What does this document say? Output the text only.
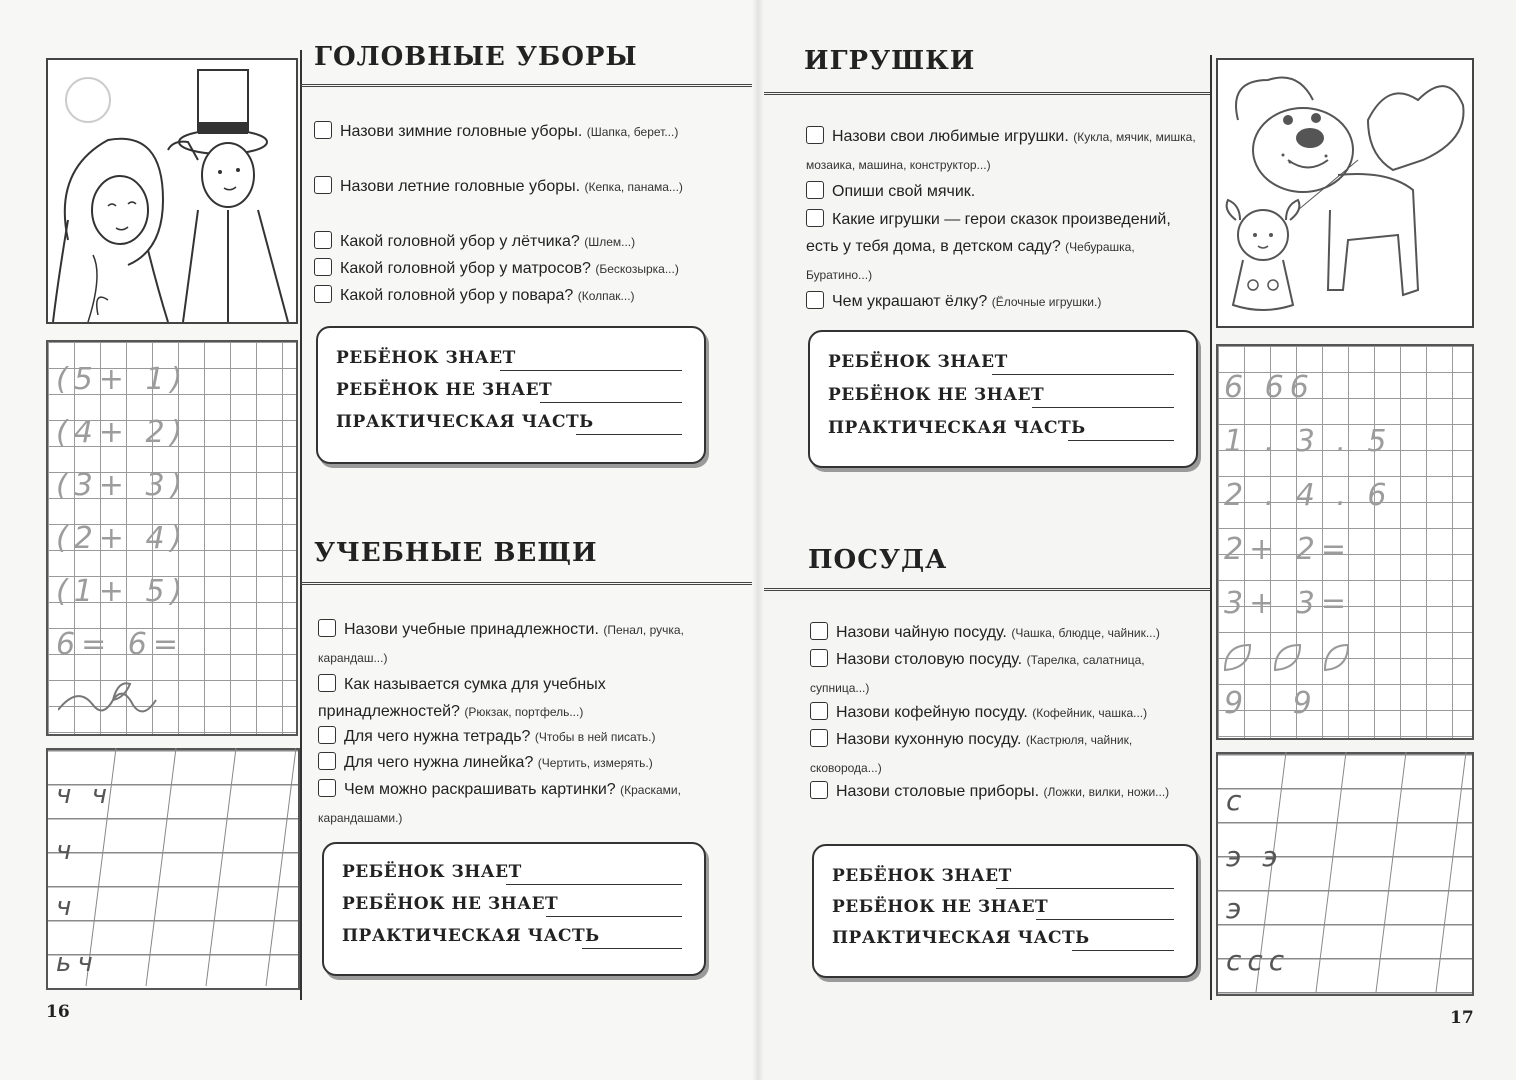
(5+ 1)
(4+ 2)
(3+ 3)
(2+ 4)
(1+ 5)
6= 6=
ч ч
ч
ч
ьч
16
ГОЛОВНЫЕ УБОРЫ
Назови зимние головные уборы. (Шапка, берет...)
Назови летние головные уборы. (Кепка, панама...)
Какой головной убор у лётчика? (Шлем...)
Какой головной убор у матросов? (Бескозырка...)
Какой головной убор у повара? (Колпак...)
РЕБЁНОК ЗНАЕТ
РЕБЁНОК НЕ ЗНАЕТ
ПРАКТИЧЕСКАЯ ЧАСТЬ
УЧЕБНЫЕ ВЕЩИ
Назови учебные принадлежности. (Пенал, ручка, карандаш...)
Как называется сумка для учебных принадлежностей? (Рюкзак, портфель...)
Для чего нужна тетрадь? (Чтобы в ней писать.)
Для чего нужна линейка? (Чертить, измерять.)
Чем можно раскрашивать картинки? (Красками, карандашами.)
РЕБЁНОК ЗНАЕТ
РЕБЁНОК НЕ ЗНАЕТ
ПРАКТИЧЕСКАЯ ЧАСТЬ
ИГРУШКИ
Назови свои любимые игрушки. (Кукла, мячик, мишка, мозаика, машина, конструктор...)
Опиши свой мячик.
Какие игрушки — герои сказок произведений, есть у тебя дома, в детском саду? (Чебурашка, Буратино...)
Чем украшают ёлку? (Ёлочные игрушки.)
РЕБЁНОК ЗНАЕТ
РЕБЁНОК НЕ ЗНАЕТ
ПРАКТИЧЕСКАЯ ЧАСТЬ
ПОСУДА
Назови чайную посуду. (Чашка, блюдце, чайник...)
Назови столовую посуду. (Тарелка, салатница, супница...)
Назови кофейную посуду. (Кофейник, чашка...)
Назови кухонную посуду. (Кастрюля, чайник, сковорода...)
Назови столовые приборы. (Ложки, вилки, ножи...)
РЕБЁНОК ЗНАЕТ
РЕБЁНОК НЕ ЗНАЕТ
ПРАКТИЧЕСКАЯ ЧАСТЬ
6 66
1 . 3 . 5
2 . 4 . 6
2+ 2=
3+ 3=
9 9
с
э э
э
ссс
17
